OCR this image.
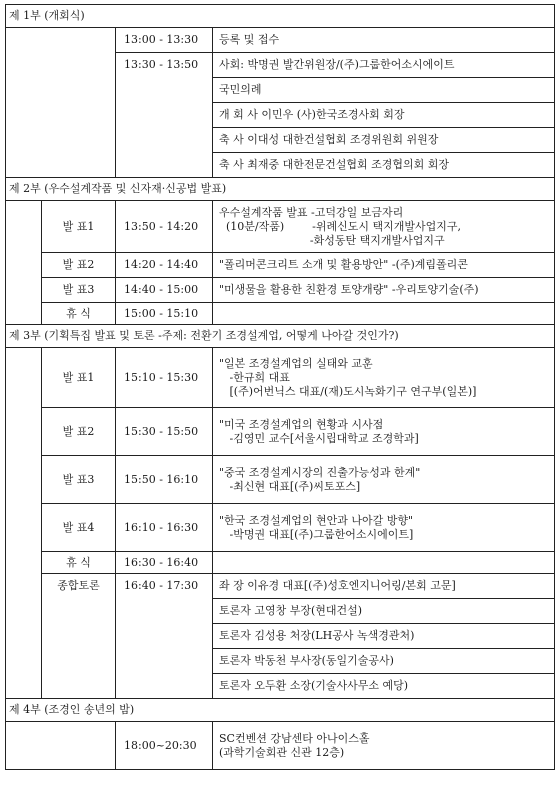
제 1부 (개회식)			
		13:00 - 13:30	등록 및 접수
		13:30 - 13:50	사회: 박명권 발간위원장/(주)그룹한어소시에이트
			국민의례
			개 회 사 이민우 (사)한국조경사회 회장
			축 사 이대성 대한건설협회 조경위원회 위원장
			축 사 최재중 대한전문건설협회 조경협의회 회장
제 2부 (우수설계작품 및 신자재·신공법 발표)			
	발 표1	13:50 - 14:20	우수설계작품 발표 -고덕강일 보금자리
(10분/작품)        -위례신도시 택지개발사업지구,
-화성동탄 택지개발사업지구
	발 표2	14:20 - 14:40	"폴리머콘크리트 소개 및 활용방안" -(주)계림폴리콘
	발 표3	14:40 - 15:00	"미생물을 활용한 친환경 토양개량" -우리토양기술(주)
	휴 식	15:00 - 15:10	
제 3부 (기획특집 발표 및 토론 -주제: 전환기 조경설계업, 어떻게 나아갈 것인가?)			
	발 표1	15:10 - 15:30	"일본 조경설계업의 실태와 교훈
-한규희 대표
[(주)어번닉스 대표/(재)도시녹화기구 연구부(일본)]
	발 표2	15:30 - 15:50	"미국 조경설계업의 현황과 시사점
-김영민 교수[서울시립대학교 조경학과]
	발 표3	15:50 - 16:10	"중국 조경설계시장의 진출가능성과 한계"
-최신현 대표[(주)씨토포스]
	발 표4	16:10 - 16:30	"한국 조경설계업의 현안과 나아갈 방향"
-박명권 대표[(주)그룹한어소시에이트]
	휴 식	16:30 - 16:40	
	종합토론	16:40 - 17:30	좌 장 이유경 대표[(주)성호엔지니어링/본회 고문]
			토론자 고영창 부장(현대건설)
			토론자 김성용 처장(LH공사 녹색경관처)
			토론자 박동천 부사장(동일기술공사)
			토론자 오두환 소장(기술사사무소 예당)
제 4부 (조경인 송년의 밤)			
		18:00~20:30	SC컨벤션 강남센타 아나이스홀
(과학기술회관 신관 12층)
